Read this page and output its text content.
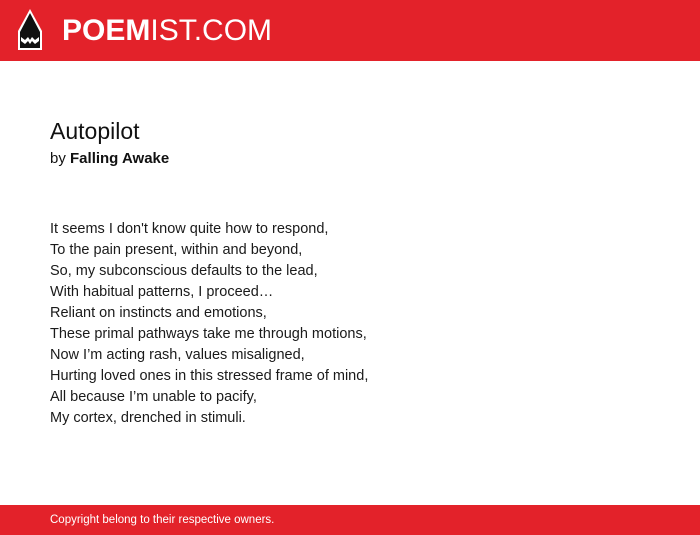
POEMIST.COM
Autopilot
by Falling Awake
It seems I don't know quite how to respond,
To the pain present, within and beyond,
So, my subconscious defaults to the lead,
With habitual patterns, I proceed…
Reliant on instincts and emotions,
These primal pathways take me through motions,
Now I’m acting rash, values misaligned,
Hurting loved ones in this stressed frame of mind,
All because I’m unable to pacify,
My cortex, drenched in stimuli.
Copyright belong to their respective owners.
